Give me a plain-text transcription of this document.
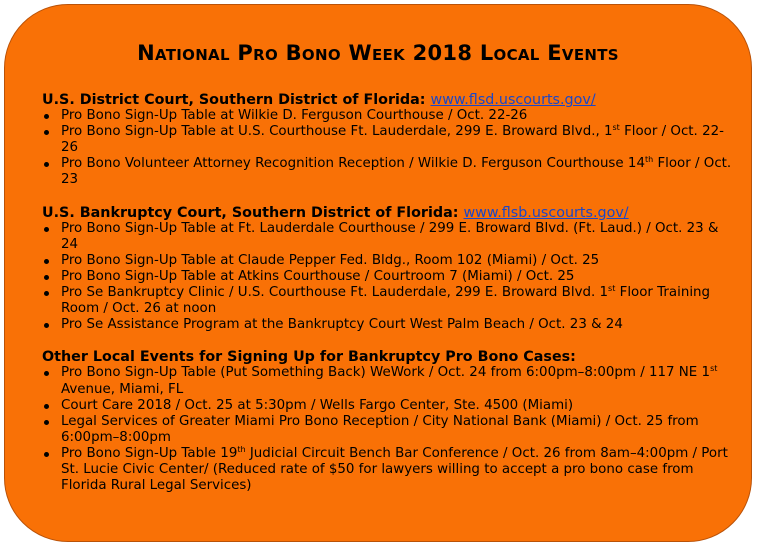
National Pro Bono Week 2018 Local Events

U.S. District Court, Southern District of Florida: www.flsd.uscourts.gov/

Pro Bono Sign-Up Table at Wilkie D. Ferguson Courthouse / Oct. 22-26
Pro Bono Sign-Up Table at U.S. Courthouse Ft. Lauderdale, 299 E. Broward Blvd., 1st Floor / Oct. 22-26
Pro Bono Volunteer Attorney Recognition Reception / Wilkie D. Ferguson Courthouse 14th Floor / Oct. 23

U.S. Bankruptcy Court, Southern District of Florida: www.flsb.uscourts.gov/

Pro Bono Sign-Up Table at Ft. Lauderdale Courthouse / 299 E. Broward Blvd. (Ft. Laud.) / Oct. 23 & 24
Pro Bono Sign-Up Table at Claude Pepper Fed. Bldg., Room 102 (Miami) / Oct. 25
Pro Bono Sign-Up Table at Atkins Courthouse / Courtroom 7 (Miami) / Oct. 25
Pro Se Bankruptcy Clinic / U.S. Courthouse Ft. Lauderdale, 299 E. Broward Blvd. 1st Floor Training Room / Oct. 26 at noon
Pro Se Assistance Program at the Bankruptcy Court West Palm Beach / Oct. 23 & 24

Other Local Events for Signing Up for Bankruptcy Pro Bono Cases:

Pro Bono Sign-Up Table (Put Something Back) WeWork / Oct. 24 from 6:00pm–8:00pm / 117 NE 1st Avenue, Miami, FL
Court Care 2018 / Oct. 25 at 5:30pm / Wells Fargo Center, Ste. 4500 (Miami)
Legal Services of Greater Miami Pro Bono Reception / City National Bank (Miami) / Oct. 25 from 6:00pm–8:00pm
Pro Bono Sign-Up Table 19th Judicial Circuit Bench Bar Conference / Oct. 26 from 8am–4:00pm / Port St. Lucie Civic Center/ (Reduced rate of $50 for lawyers willing to accept a pro bono case from Florida Rural Legal Services)
